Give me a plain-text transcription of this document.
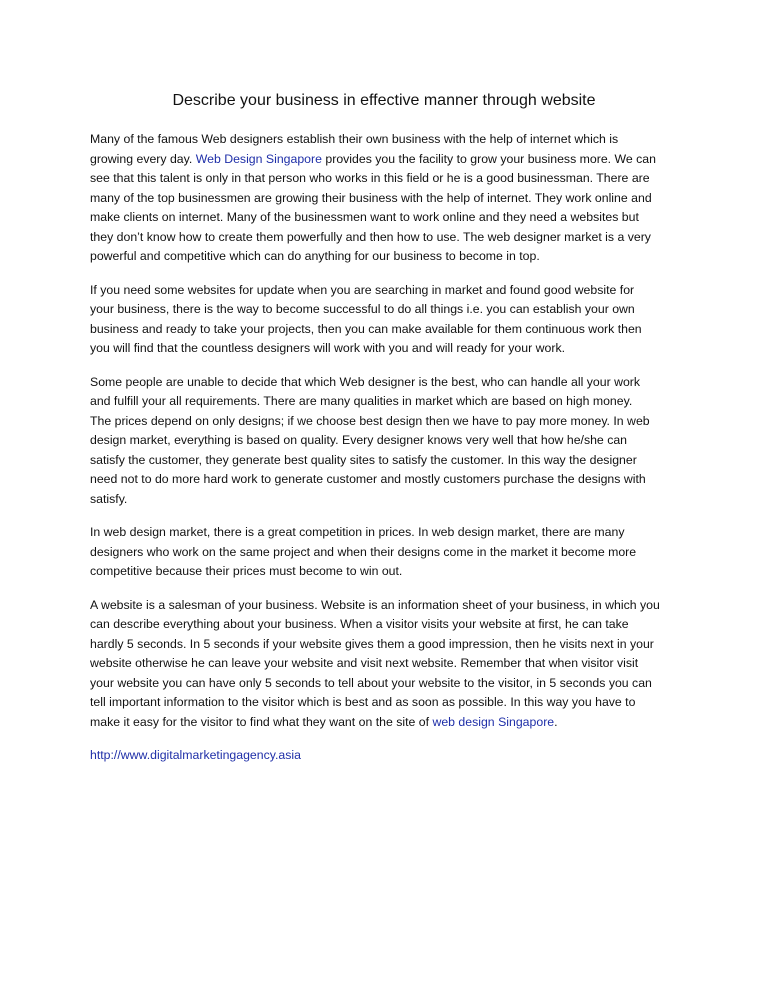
Describe your business in effective manner through website
Many of the famous Web designers establish their own business with the help of internet which is
growing every day. Web Design Singapore provides you the facility to grow your business more. We can
see that this talent is only in that person who works in this field or he is a good businessman. There are
many of the top businessmen are growing their business with the help of internet. They work online and
make clients on internet. Many of the businessmen want to work online and they need a websites but
they don’t know how to create them powerfully and then how to use. The web designer market is a very
powerful and competitive which can do anything for our business to become in top.
If you need some websites for update when you are searching in market and found good website for
your business, there is the way to become successful to do all things i.e. you can establish your own
business and ready to take your projects, then you can make available for them continuous work then
you will find that the countless designers will work with you and will ready for your work.
Some people are unable to decide that which Web designer is the best, who can handle all your work
and fulfill your all requirements. There are many qualities in market which are based on high money.
The prices depend on only designs; if we choose best design then we have to pay more money. In web
design market, everything is based on quality. Every designer knows very well that how he/she can
satisfy the customer, they generate best quality sites to satisfy the customer. In this way the designer
need not to do more hard work to generate customer and mostly customers purchase the designs with
satisfy.
In web design market, there is a great competition in prices. In web design market, there are many
designers who work on the same project and when their designs come in the market it become more
competitive because their prices must become to win out.
A website is a salesman of your business. Website is an information sheet of your business, in which you
can describe everything about your business. When a visitor visits your website at first, he can take
hardly 5 seconds. In 5 seconds if your website gives them a good impression, then he visits next in your
website otherwise he can leave your website and visit next website. Remember that when visitor visit
your website you can have only 5 seconds to tell about your website to the visitor, in 5 seconds you can
tell important information to the visitor which is best and as soon as possible. In this way you have to
make it easy for the visitor to find what they want on the site of web design Singapore.
http://www.digitalmarketingagency.asia
